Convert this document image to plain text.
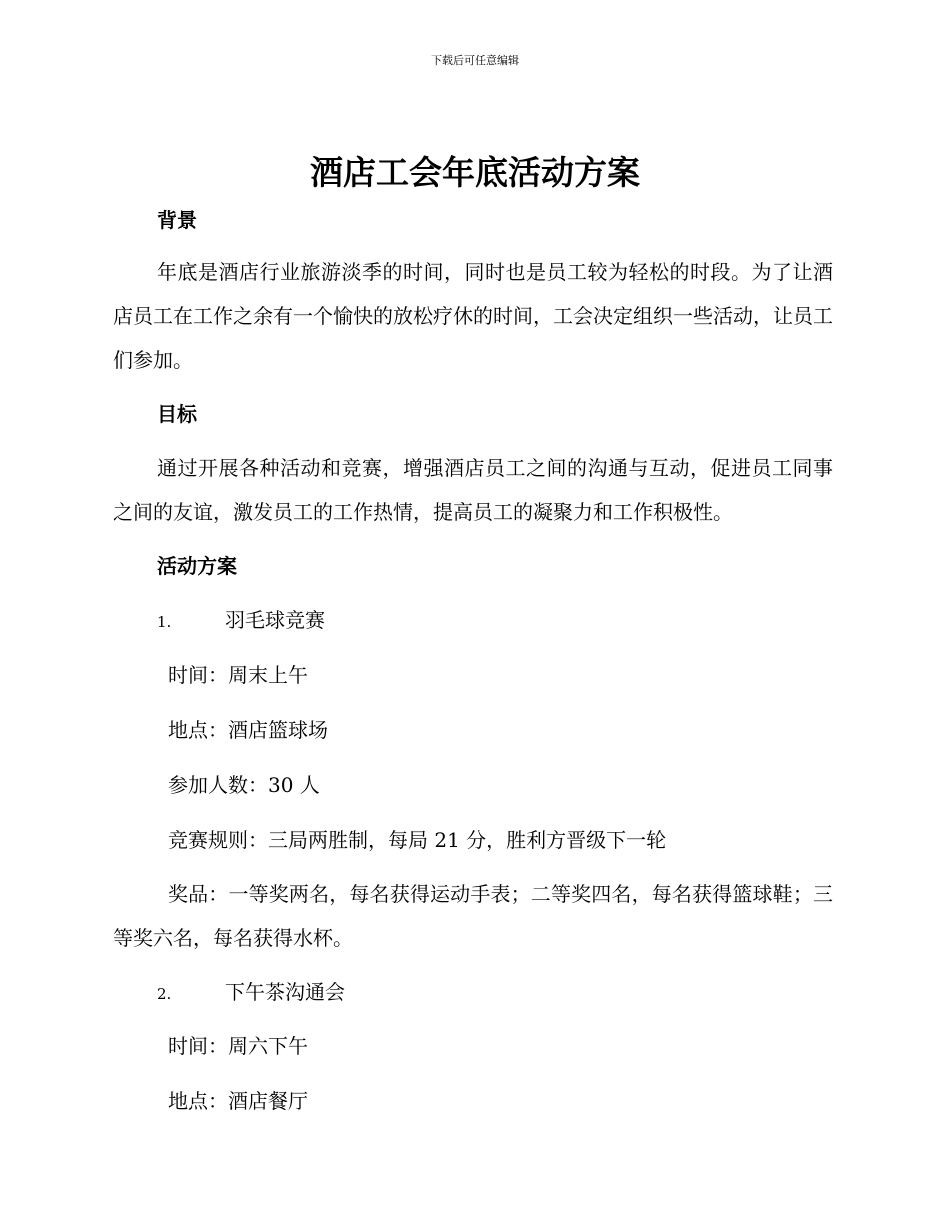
下载后可任意编辑
酒店工会年底活动方案
背景
年底是酒店行业旅游淡季的时间，同时也是员工较为轻松的时段。为了让酒店员工在工作之余有一个愉快的放松疗休的时间，工会决定组织一些活动，让员工们参加。
目标
通过开展各种活动和竞赛，增强酒店员工之间的沟通与互动，促进员工同事之间的友谊，激发员工的工作热情，提高员工的凝聚力和工作积极性。
活动方案
1.	羽毛球竞赛
时间：周末上午
地点：酒店篮球场
参加人数：30 人
竞赛规则：三局两胜制，每局 21 分，胜利方晋级下一轮
奖品：一等奖两名，每名获得运动手表；二等奖四名，每名获得篮球鞋；三等奖六名，每名获得水杯。
2.	下午茶沟通会
时间：周六下午
地点：酒店餐厅
